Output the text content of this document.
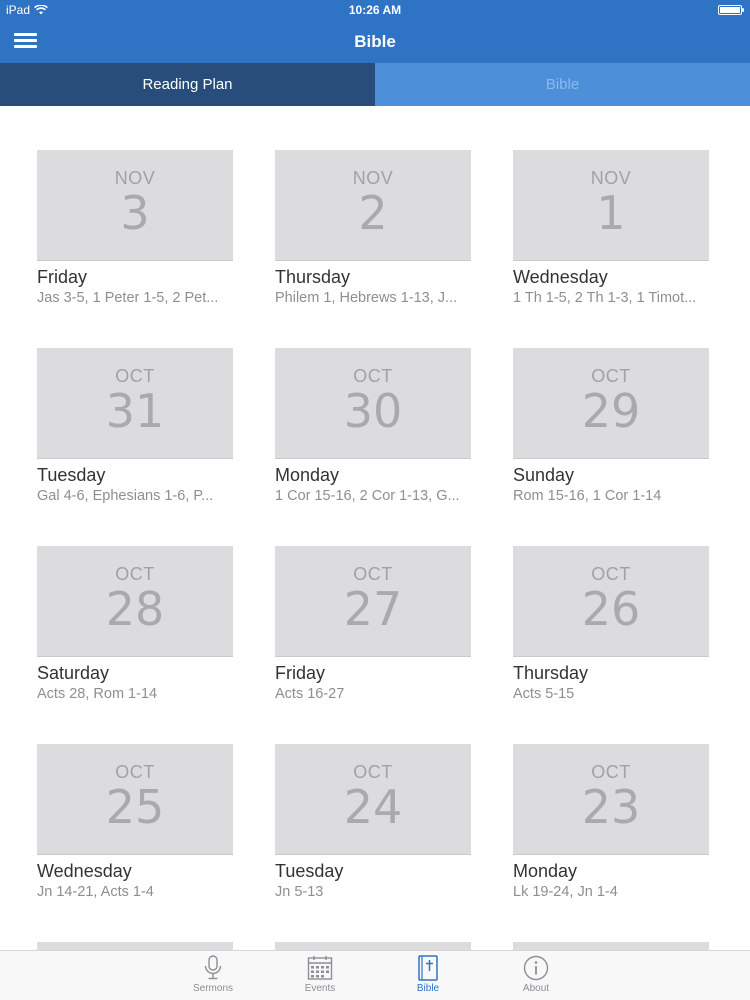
iPad	10:26 AM
Bible
Reading Plan	Bible
NOV
3
Friday
Jas 3-5, 1 Peter 1-5, 2 Pet...
NOV
2
Thursday
Philem 1, Hebrews 1-13, J...
NOV
1
Wednesday
1 Th 1-5, 2 Th 1-3, 1 Timot...
OCT
31
Tuesday
Gal 4-6, Ephesians 1-6, P...
OCT
30
Monday
1 Cor 15-16, 2 Cor 1-13, G...
OCT
29
Sunday
Rom 15-16, 1 Cor 1-14
OCT
28
Saturday
Acts 28, Rom 1-14
OCT
27
Friday
Acts 16-27
OCT
26
Thursday
Acts 5-15
OCT
25
Wednesday
Jn 14-21, Acts 1-4
OCT
24
Tuesday
Jn 5-13
OCT
23
Monday
Lk 19-24, Jn 1-4
Sermons	Events	Bible	About
